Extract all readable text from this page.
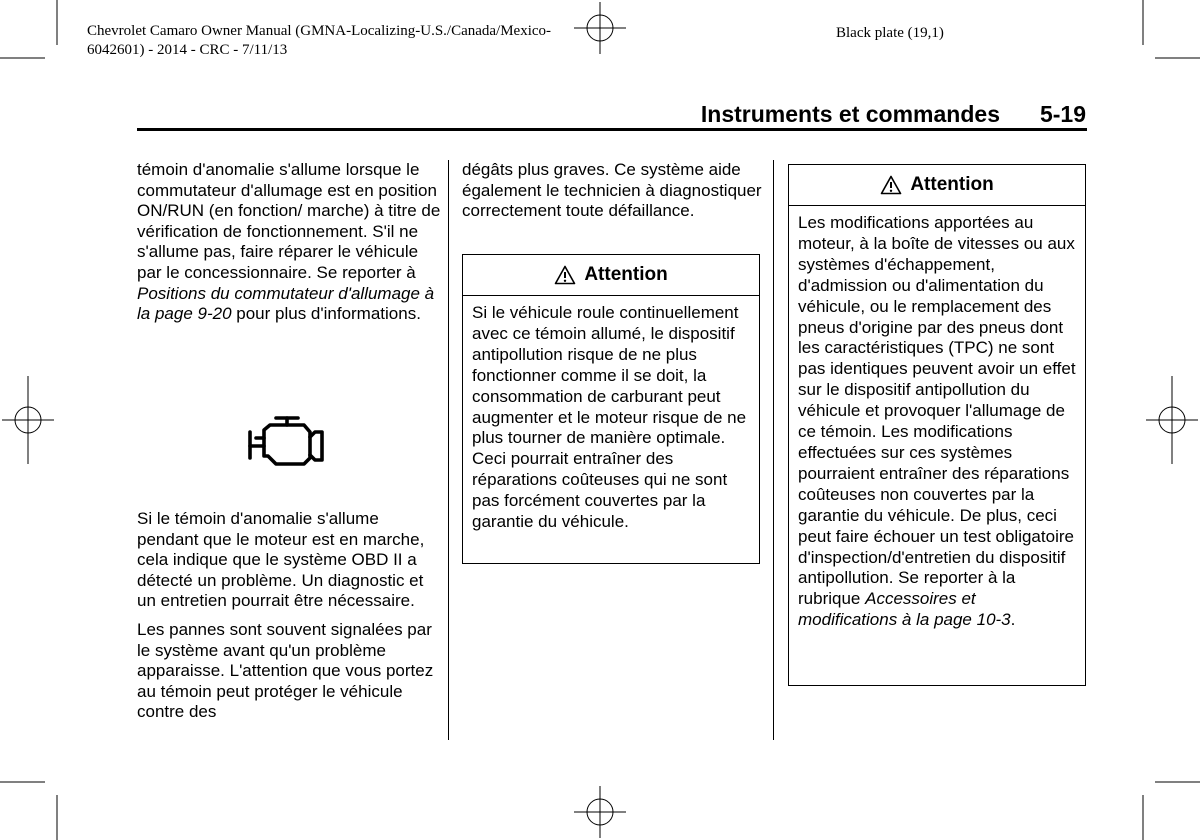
Chevrolet Camaro Owner Manual (GMNA-Localizing-U.S./Canada/Mexico-
6042601) - 2014 - CRC - 7/11/13
Black plate (19,1)
Instruments et commandes 5-19

témoin d'anomalie s'allume lorsque le commutateur d'allumage est en position ON/RUN (en fonction/ marche) à titre de vérification de fonctionnement. S'il ne s'allume pas, faire réparer le véhicule par le concessionnaire. Se reporter à Positions du commutateur d'allumage à la page 9-20 pour plus d'informations.

Si le témoin d'anomalie s'allume pendant que le moteur est en marche, cela indique que le système OBD II a détecté un problème. Un diagnostic et un entretien pourrait être nécessaire.

Les pannes sont souvent signalées par le système avant qu'un problème apparaisse. L'attention que vous portez au témoin peut protéger le véhicule contre des

dégâts plus graves. Ce système aide également le technicien à diagnostiquer correctement toute défaillance.

Attention
Si le véhicule roule continuellement avec ce témoin allumé, le dispositif antipollution risque de ne plus fonctionner comme il se doit, la consommation de carburant peut augmenter et le moteur risque de ne plus tourner de manière optimale. Ceci pourrait entraîner des réparations coûteuses qui ne sont pas forcément couvertes par la garantie du véhicule.
Attention
Les modifications apportées au moteur, à la boîte de vitesses ou aux systèmes d'échappement, d'admission ou d'alimentation du véhicule, ou le remplacement des pneus d'origine par des pneus dont les caractéristiques (TPC) ne sont pas identiques peuvent avoir un effet sur le dispositif antipollution du véhicule et provoquer l'allumage de ce témoin. Les modifications effectuées sur ces systèmes pourraient entraîner des réparations coûteuses non couvertes par la garantie du véhicule. De plus, ceci peut faire échouer un test obligatoire d'inspection/d'entretien du dispositif antipollution. Se reporter à la rubrique Accessoires et modifications à la page 10-3.
